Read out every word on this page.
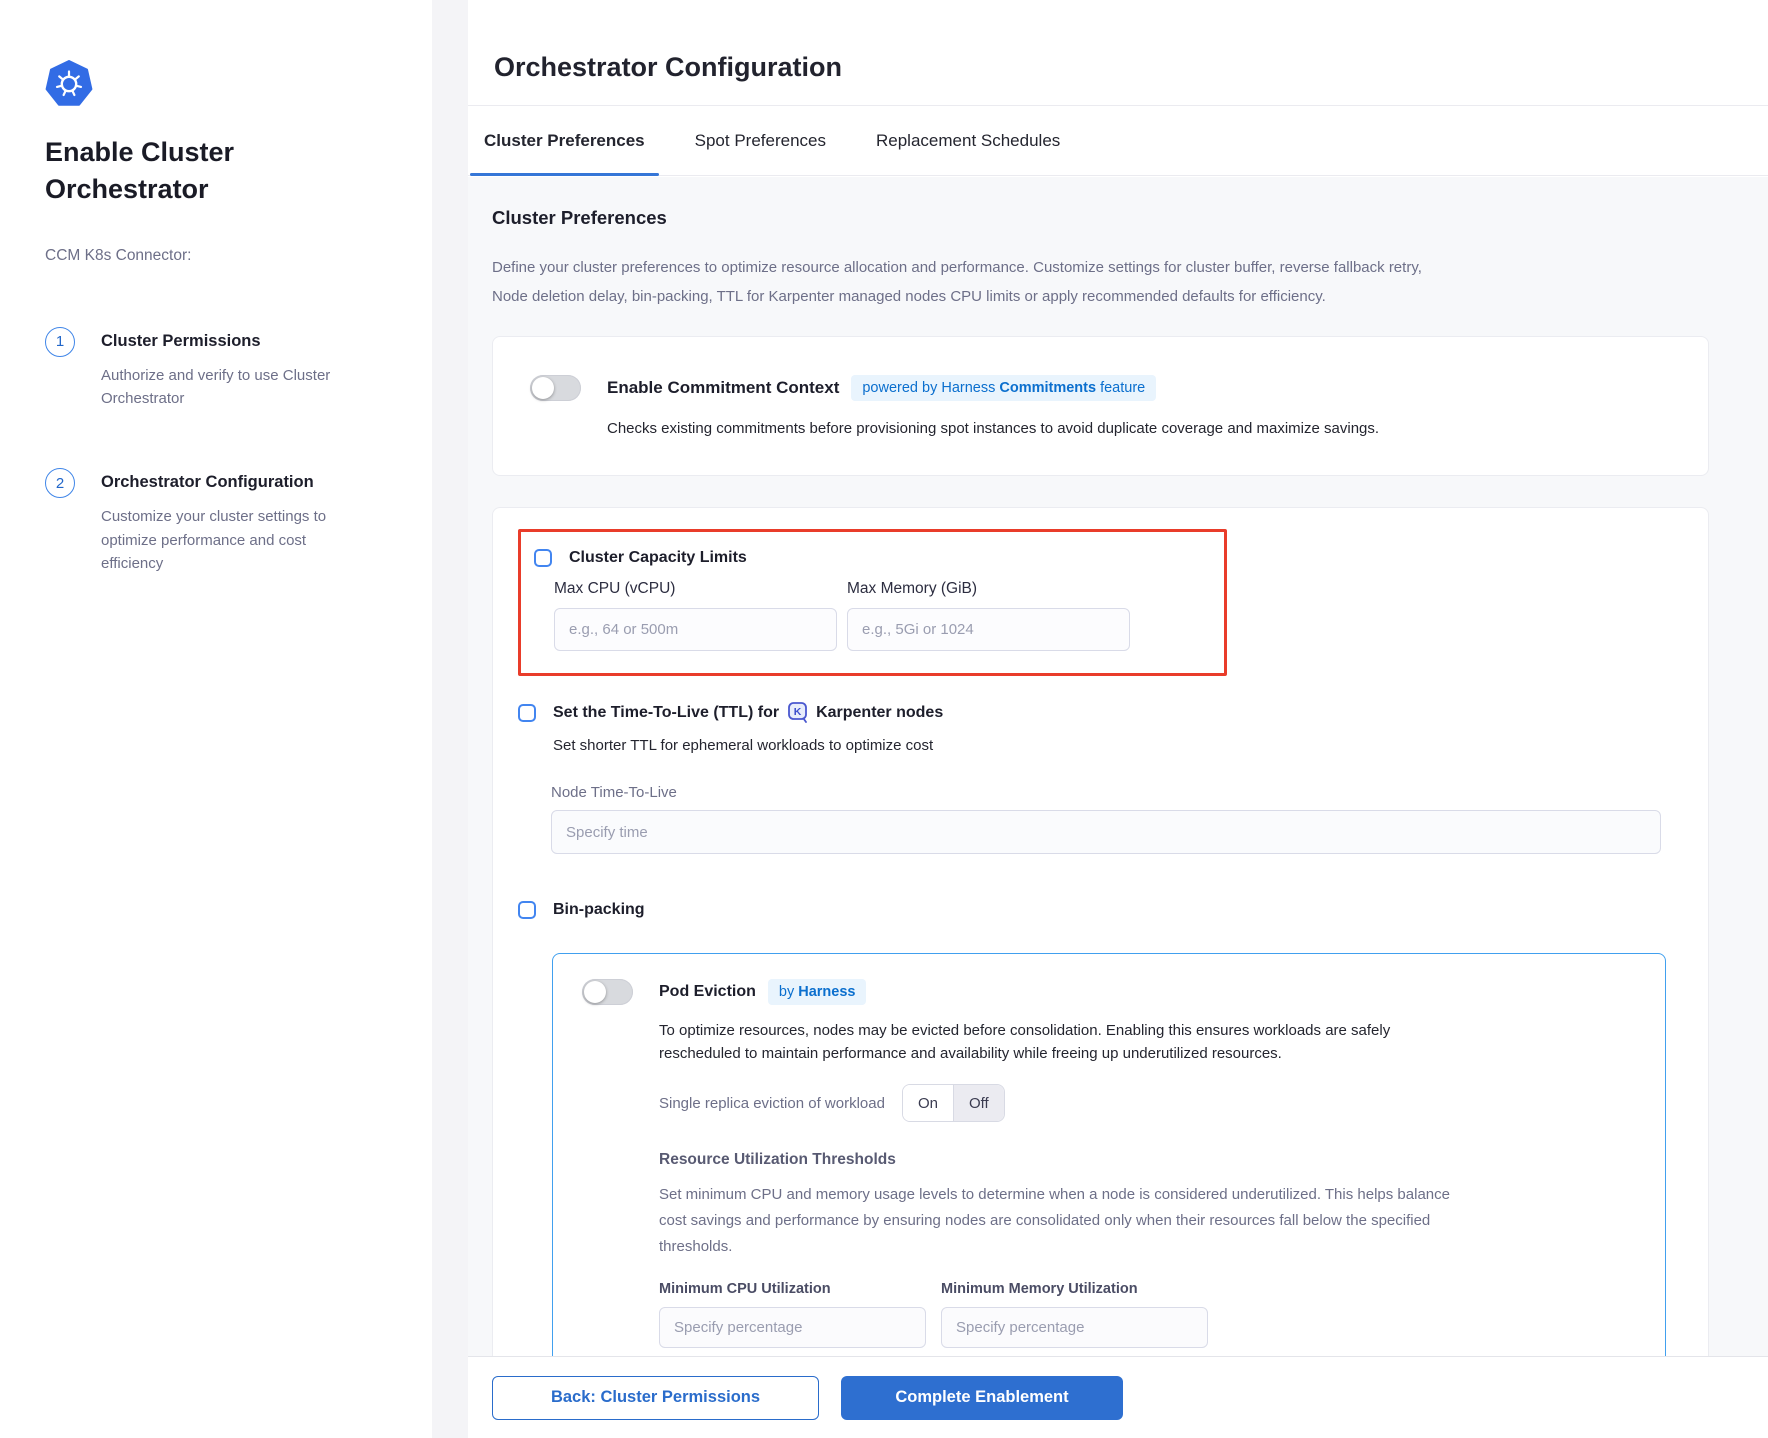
Enable Cluster Orchestrator
CCM K8s Connector:
1	Cluster Permissions
Authorize and verify to use Cluster Orchestrator
2	Orchestrator Configuration
Customize your cluster settings to optimize performance and cost efficiency
Orchestrator Configuration
Cluster Preferences	Spot Preferences	Replacement Schedules
Cluster Preferences
Define your cluster preferences to optimize resource allocation and performance. Customize settings for cluster buffer, reverse fallback retry,
Node deletion delay, bin-packing, TTL for Karpenter managed nodes CPU limits or apply recommended defaults for efficiency.
Enable Commitment Context	powered by Harness Commitments feature
Checks existing commitments before provisioning spot instances to avoid duplicate coverage and maximize savings.
Cluster Capacity Limits
Max CPU (vCPU)	Max Memory (GiB)
e.g., 64 or 500m
e.g., 5Gi or 1024
Set the Time-To-Live (TTL) for K Karpenter nodes
Set shorter TTL for ephemeral workloads to optimize cost
Node Time-To-Live
Specify time
Bin-packing
Pod Eviction	by Harness
To optimize resources, nodes may be evicted before consolidation. Enabling this ensures workloads are safely
rescheduled to maintain performance and availability while freeing up underutilized resources.
Single replica eviction of workload	On	Off
Resource Utilization Thresholds
Set minimum CPU and memory usage levels to determine when a node is considered underutilized. This helps balance
cost savings and performance by ensuring nodes are consolidated only when their resources fall below the specified
thresholds.
Minimum CPU Utilization	Minimum Memory Utilization
Specify percentage
Specify percentage
Back: Cluster Permissions	Complete Enablement
